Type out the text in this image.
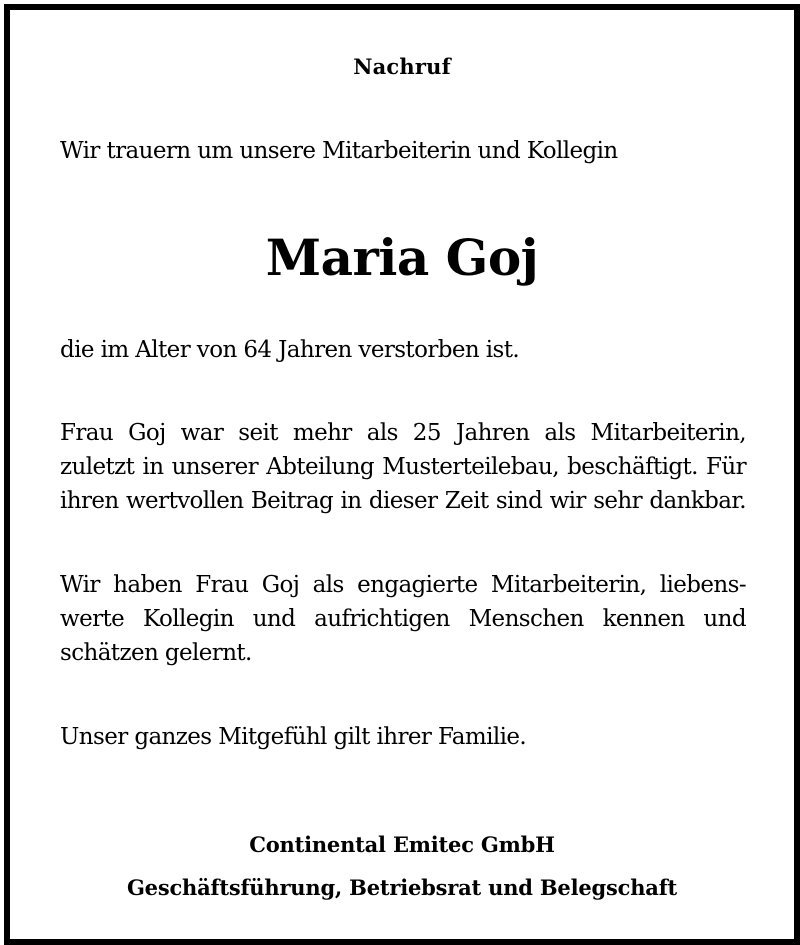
Nachruf
Wir trauern um unsere Mitarbeiterin und Kollegin
Maria Goj
die im Alter von 64 Jahren verstorben ist.
Frau Goj war seit mehr als 25 Jahren als Mitarbeiterin,
zuletzt in unserer Abteilung Musterteilebau, beschäftigt. Für
ihren wertvollen Beitrag in dieser Zeit sind wir sehr dankbar.
Wir haben Frau Goj als engagierte Mitarbeiterin, liebens-
werte Kollegin und aufrichtigen Menschen kennen und
schätzen gelernt.
Unser ganzes Mitgefühl gilt ihrer Familie.
Continental Emitec GmbH
Geschäftsführung, Betriebsrat und Belegschaft
